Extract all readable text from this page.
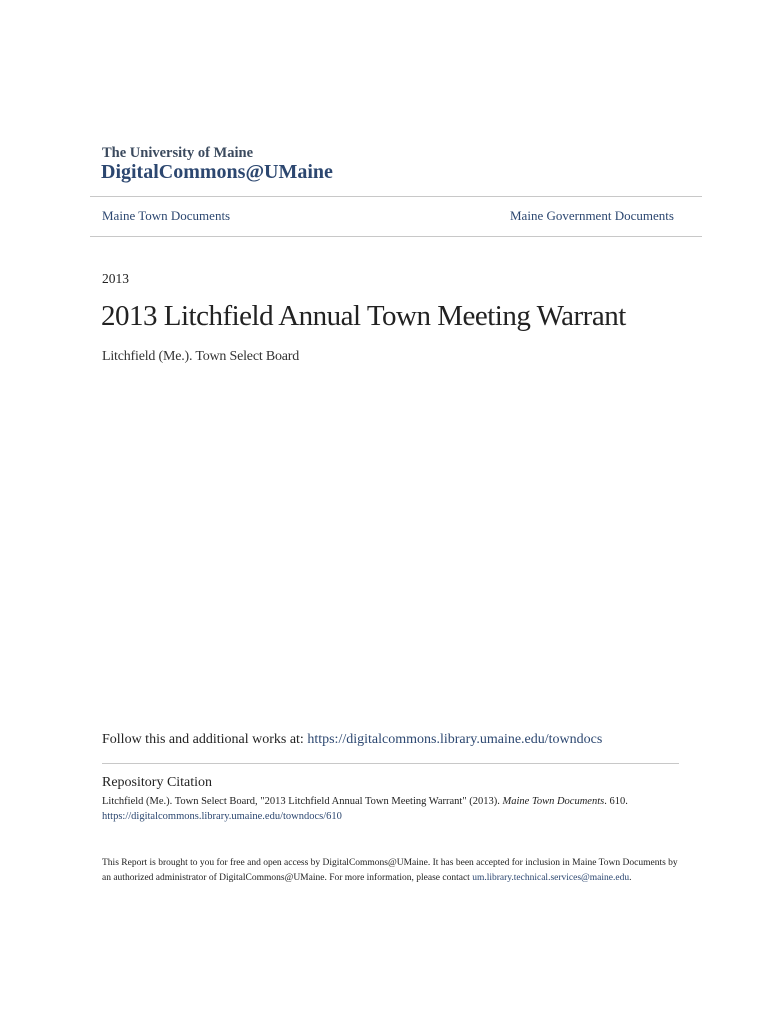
The University of Maine
DigitalCommons@UMaine
Maine Town Documents	Maine Government Documents
2013
2013 Litchfield Annual Town Meeting Warrant
Litchfield (Me.). Town Select Board
Follow this and additional works at: https://digitalcommons.library.umaine.edu/towndocs
Repository Citation
Litchfield (Me.). Town Select Board, "2013 Litchfield Annual Town Meeting Warrant" (2013). Maine Town Documents. 610.
https://digitalcommons.library.umaine.edu/towndocs/610
This Report is brought to you for free and open access by DigitalCommons@UMaine. It has been accepted for inclusion in Maine Town Documents by
an authorized administrator of DigitalCommons@UMaine. For more information, please contact um.library.technical.services@maine.edu.
